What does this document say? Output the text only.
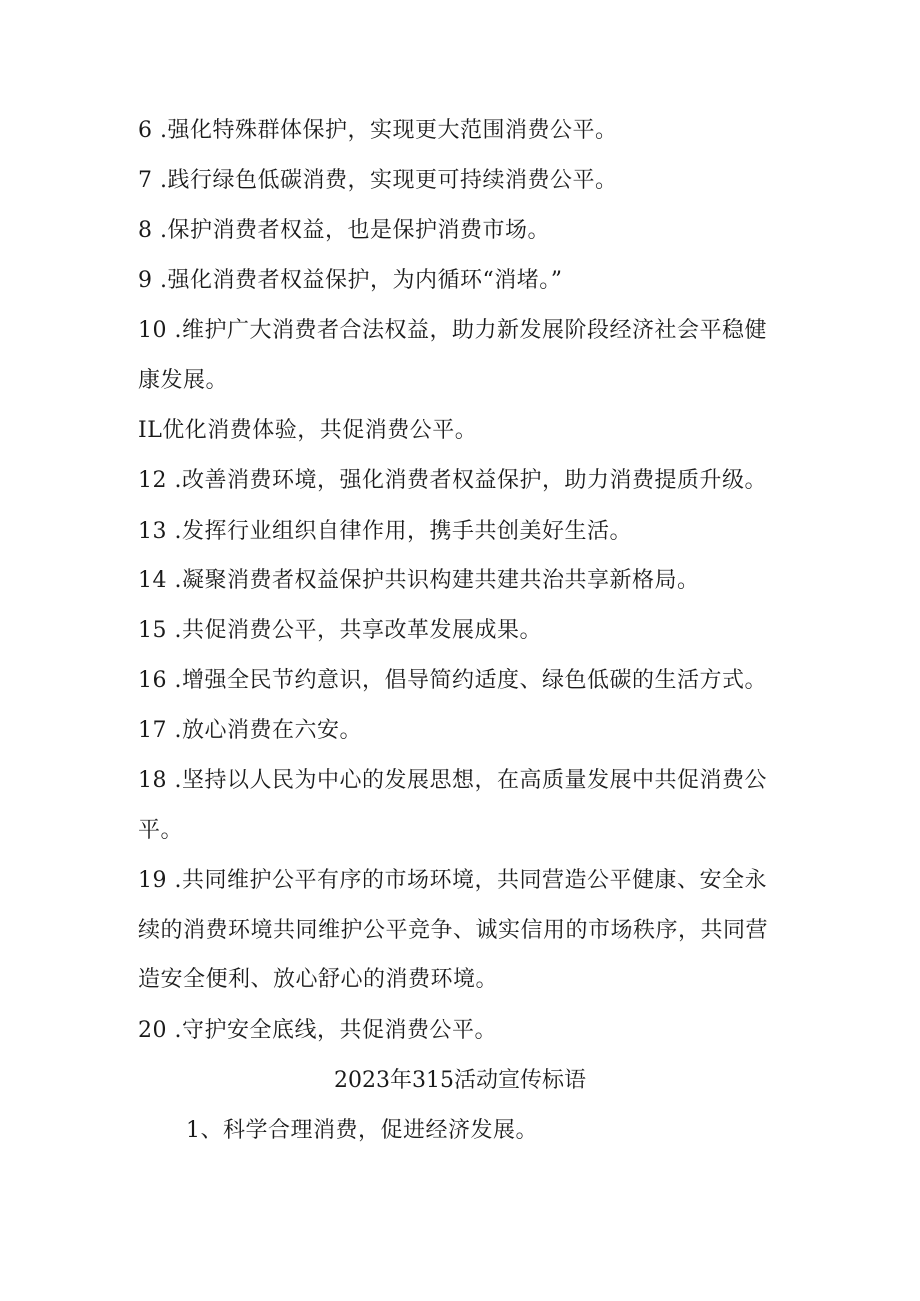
6 .强化特殊群体保护，实现更大范围消费公平。
7 .践行绿色低碳消费，实现更可持续消费公平。
8 .保护消费者权益，也是保护消费市场。
9 .强化消费者权益保护，为内循环“消堵。”
10 .维护广大消费者合法权益，助力新发展阶段经济社会平稳健
康发展。
IL优化消费体验，共促消费公平。
12 .改善消费环境，强化消费者权益保护，助力消费提质升级。
13 .发挥行业组织自律作用，携手共创美好生活。
14 .凝聚消费者权益保护共识构建共建共治共享新格局。
15 .共促消费公平，共享改革发展成果。
16 .增强全民节约意识，倡导简约适度、绿色低碳的生活方式。
17 .放心消费在六安。
18 .坚持以人民为中心的发展思想，在高质量发展中共促消费公
平。
19 .共同维护公平有序的市场环境，共同营造公平健康、安全永
续的消费环境共同维护公平竞争、诚实信用的市场秩序，共同营
造安全便利、放心舒心的消费环境。
20 .守护安全底线，共促消费公平。
2023年315活动宣传标语
1、科学合理消费，促进经济发展。
